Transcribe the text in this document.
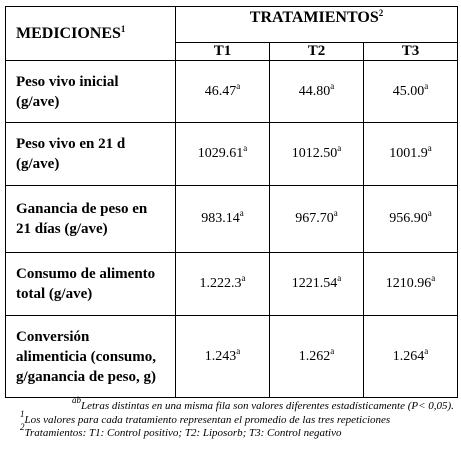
MEDICIONES$^1$	TRATAMIENTOS$^2$
	T1	T2	T3
Peso vivo inicial
(g/ave)	46.47$^a$	44.80$^a$	45.00$^a$
Peso vivo en 21 d
(g/ave)	1029.61$^a$	1012.50$^a$	1001.9$^a$
Ganancia de peso en
21 días (g/ave)	983.14$^a$	967.70$^a$	956.90$^a$
Consumo de alimento
total (g/ave)	1.222.3$^a$	1221.54$^a$	1210.96$^a$
Conversión
alimenticia (consumo,
g/ganancia de peso, g)	1.243$^a$	1.262$^a$	1.264$^a$
$^{ab}$Letras distintas en una misma fila son valores diferentes estadísticamente (P< 0,05).
$^1$Los valores para cada tratamiento representan el promedio de las tres repeticiones
$^2$Tratamientos: T1: Control positivo; T2: Liposorb; T3: Control negativo
